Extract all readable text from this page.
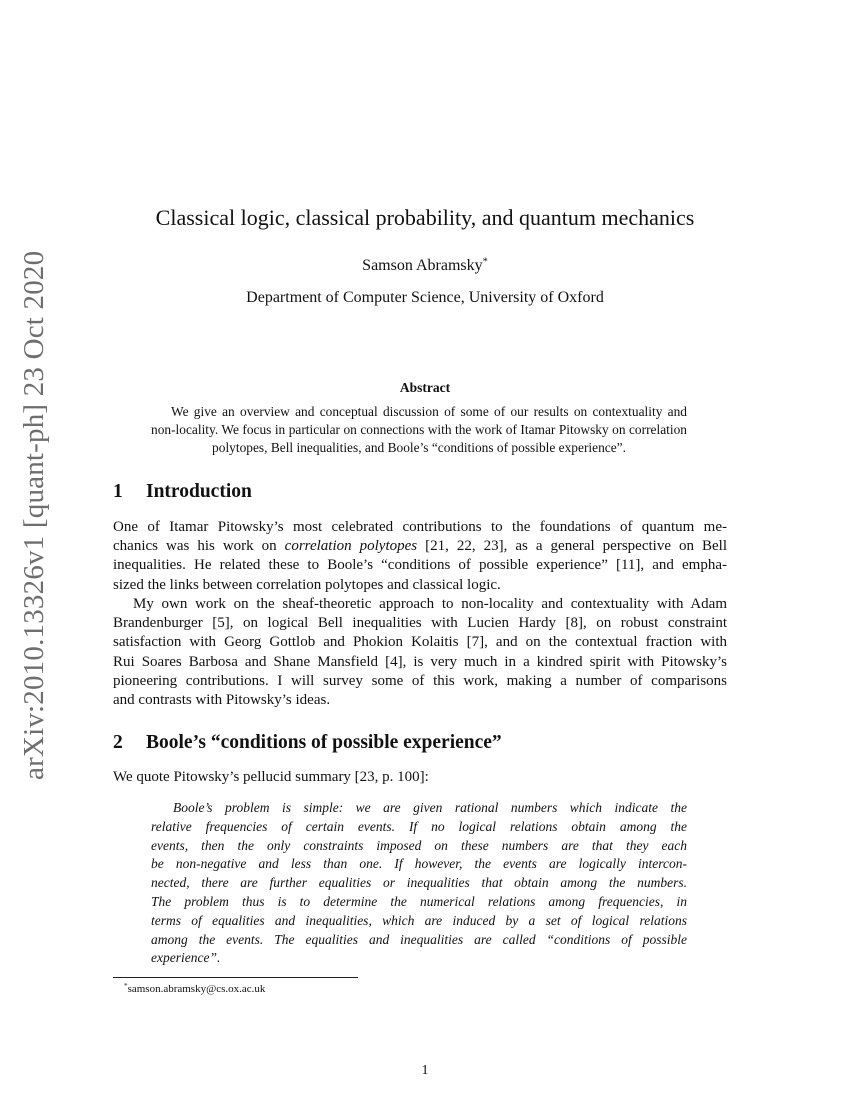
arXiv:2010.13326v1 [quant-ph] 23 Oct 2020
Classical logic, classical probability, and quantum mechanics
Samson Abramsky*
Department of Computer Science, University of Oxford
Abstract
We give an overview and conceptual discussion of some of our results on contextuality and non-locality. We focus in particular on connections with the work of Itamar Pitowsky on correlation polytopes, Bell inequalities, and Boole’s “conditions of possible experience”.
1 Introduction
One of Itamar Pitowsky’s most celebrated contributions to the foundations of quantum me-
chanics was his work on correlation polytopes [21, 22, 23], as a general perspective on Bell
inequalities. He related these to Boole’s “conditions of possible experience” [11], and empha-
sized the links between correlation polytopes and classical logic.
My own work on the sheaf-theoretic approach to non-locality and contextuality with Adam
Brandenburger [5], on logical Bell inequalities with Lucien Hardy [8], on robust constraint
satisfaction with Georg Gottlob and Phokion Kolaitis [7], and on the contextual fraction with
Rui Soares Barbosa and Shane Mansfield [4], is very much in a kindred spirit with Pitowsky’s
pioneering contributions. I will survey some of this work, making a number of comparisons
and contrasts with Pitowsky’s ideas.
2 Boole’s “conditions of possible experience”
We quote Pitowsky’s pellucid summary [23, p. 100]:
Boole’s problem is simple: we are given rational numbers which indicate the
relative frequencies of certain events. If no logical relations obtain among the
events, then the only constraints imposed on these numbers are that they each
be non-negative and less than one. If however, the events are logically intercon-
nected, there are further equalities or inequalities that obtain among the numbers.
The problem thus is to determine the numerical relations among frequencies, in
terms of equalities and inequalities, which are induced by a set of logical relations
among the events. The equalities and inequalities are called “conditions of possible
experience”.
*samson.abramsky@cs.ox.ac.uk
1
